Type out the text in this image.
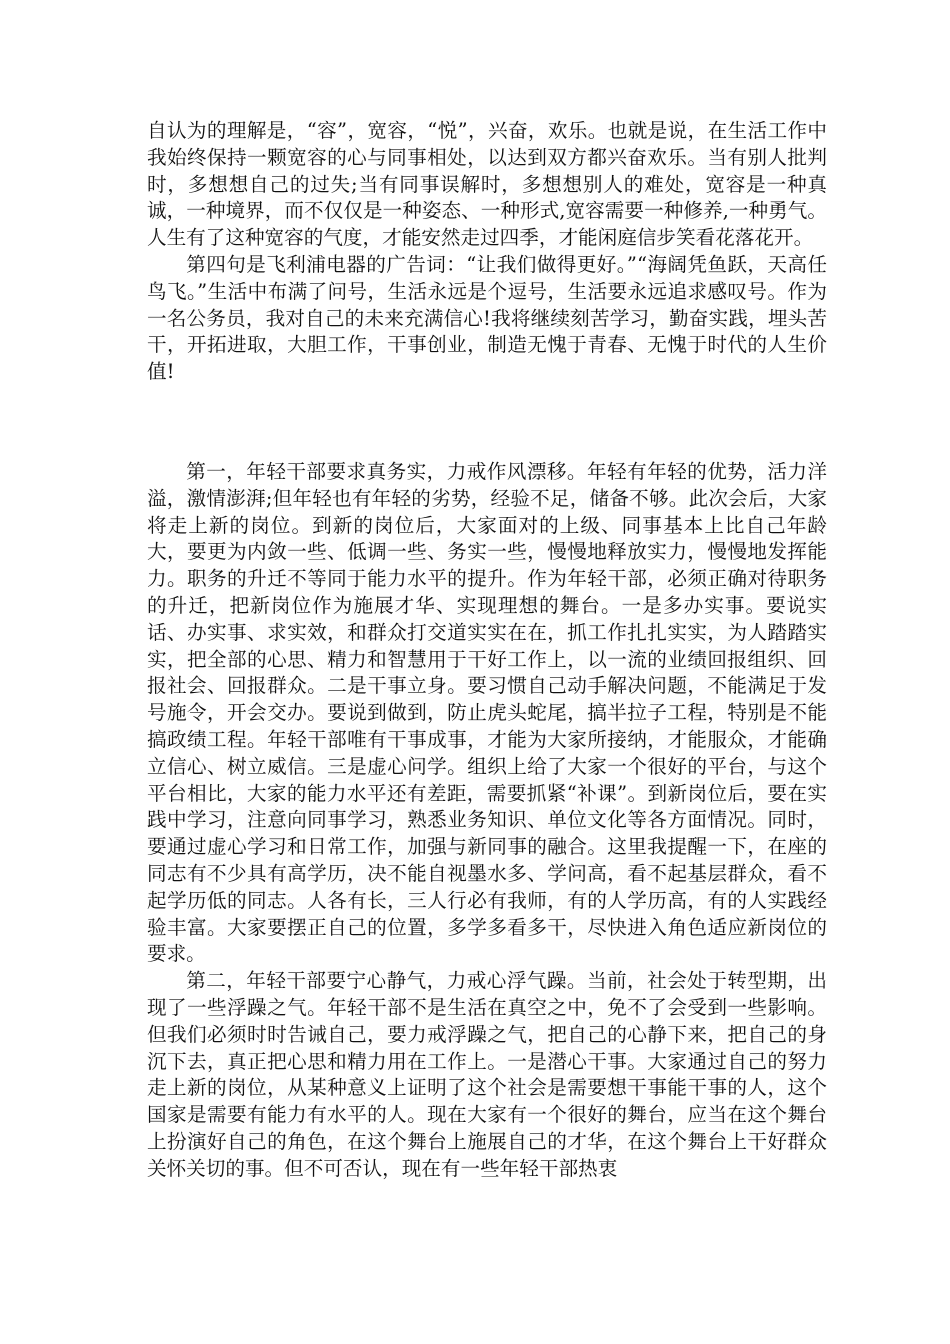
自认为的理解是，“容”，宽容，“悦”，兴奋，欢乐。也就是说，在生活工作中我始终保持一颗宽容的心与同事相处，以达到双方都兴奋欢乐。当有别人批判时，多想想自己的过失;当有同事误解时，多想想别人的难处，宽容是一种真诚，一种境界，而不仅仅是一种姿态、一种形式,宽容需要一种修养,一种勇气。人生有了这种宽容的气度，才能安然走过四季，才能闲庭信步笑看花落花开。

第四句是飞利浦电器的广告词：“让我们做得更好。”“海阔凭鱼跃，天高任鸟飞。”生活中布满了问号，生活永远是个逗号，生活要永远追求感叹号。作为一名公务员，我对自己的未来充满信心!我将继续刻苦学习，勤奋实践，埋头苦干，开拓进取，大胆工作，干事创业，制造无愧于青春、无愧于时代的人生价值!

第一，年轻干部要求真务实，力戒作风漂移。年轻有年轻的优势，活力洋溢，激情澎湃;但年轻也有年轻的劣势，经验不足，储备不够。此次会后，大家将走上新的岗位。到新的岗位后，大家面对的上级、同事基本上比自己年龄大，要更为内敛一些、低调一些、务实一些，慢慢地释放实力，慢慢地发挥能力。职务的升迁不等同于能力水平的提升。作为年轻干部，必须正确对待职务的升迁，把新岗位作为施展才华、实现理想的舞台。一是多办实事。要说实话、办实事、求实效，和群众打交道实实在在，抓工作扎扎实实，为人踏踏实实，把全部的心思、精力和智慧用于干好工作上，以一流的业绩回报组织、回报社会、回报群众。二是干事立身。要习惯自己动手解决问题，不能满足于发号施令，开会交办。要说到做到，防止虎头蛇尾，搞半拉子工程，特别是不能搞政绩工程。年轻干部唯有干事成事，才能为大家所接纳，才能服众，才能确立信心、树立威信。三是虚心问学。组织上给了大家一个很好的平台，与这个平台相比，大家的能力水平还有差距，需要抓紧“补课”。到新岗位后，要在实践中学习，注意向同事学习，熟悉业务知识、单位文化等各方面情况。同时，要通过虚心学习和日常工作，加强与新同事的融合。这里我提醒一下，在座的同志有不少具有高学历，决不能自视墨水多、学问高，看不起基层群众，看不起学历低的同志。人各有长，三人行必有我师，有的人学历高，有的人实践经验丰富。大家要摆正自己的位置，多学多看多干，尽快进入角色适应新岗位的要求。

第二，年轻干部要宁心静气，力戒心浮气躁。当前，社会处于转型期，出现了一些浮躁之气。年轻干部不是生活在真空之中，免不了会受到一些影响。但我们必须时时告诫自己，要力戒浮躁之气，把自己的心静下来，把自己的身沉下去，真正把心思和精力用在工作上。一是潜心干事。大家通过自己的努力走上新的岗位，从某种意义上证明了这个社会是需要想干事能干事的人，这个国家是需要有能力有水平的人。现在大家有一个很好的舞台，应当在这个舞台上扮演好自己的角色，在这个舞台上施展自己的才华，在这个舞台上干好群众关怀关切的事。但不可否认，现在有一些年轻干部热衷
